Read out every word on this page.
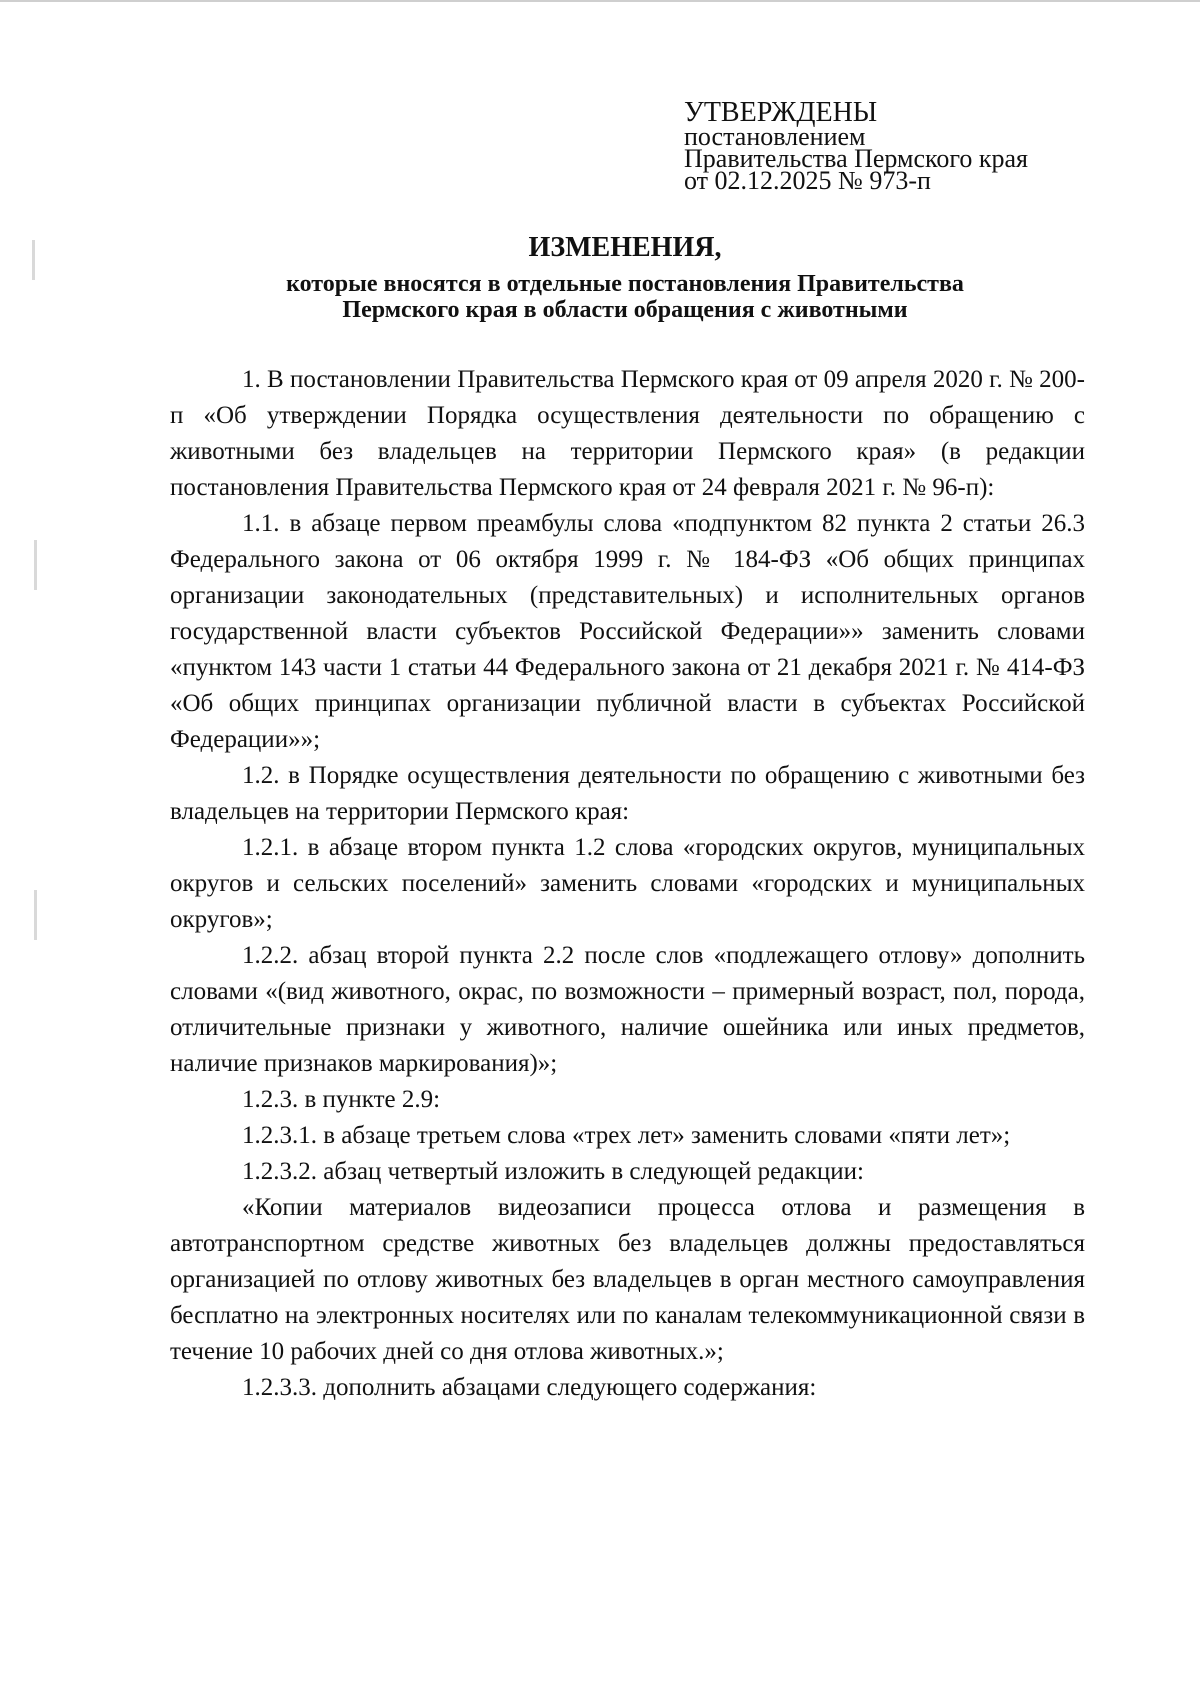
УТВЕРЖДЕНЫ
постановлением
Правительства Пермского края
от 02.12.2025 № 973-п
ИЗМЕНЕНИЯ,
которые вносятся в отдельные постановления Правительства
Пермского края в области обращения с животными

1. В постановлении Правительства Пермского края от 09 апреля 2020 г. № 200-п «Об утверждении Порядка осуществления деятельности по обращению с животными без владельцев на территории Пермского края» (в редакции постановления Правительства Пермского края от 24 февраля 2021 г. № 96-п):

1.1. в абзаце первом преамбулы слова «подпунктом 82 пункта 2 статьи 26.3 Федерального закона от 06 октября 1999 г. № 184-ФЗ «Об общих принципах организации законодательных (представительных) и исполнительных органов государственной власти субъектов Российской Федерации»» заменить словами «пунктом 143 части 1 статьи 44 Федерального закона от 21 декабря 2021 г. № 414-ФЗ «Об общих принципах организации публичной власти в субъектах Российской Федерации»»;

1.2. в Порядке осуществления деятельности по обращению с животными без владельцев на территории Пермского края:

1.2.1. в абзаце втором пункта 1.2 слова «городских округов, муниципальных округов и сельских поселений» заменить словами «городских и муниципальных округов»;

1.2.2. абзац второй пункта 2.2 после слов «подлежащего отлову» дополнить словами «(вид животного, окрас, по возможности – примерный возраст, пол, порода, отличительные признаки у животного, наличие ошейника или иных предметов, наличие признаков маркирования)»;

1.2.3. в пункте 2.9:

1.2.3.1. в абзаце третьем слова «трех лет» заменить словами «пяти лет»;

1.2.3.2. абзац четвертый изложить в следующей редакции:

«Копии материалов видеозаписи процесса отлова и размещения в автотранспортном средстве животных без владельцев должны предоставляться организацией по отлову животных без владельцев в орган местного самоуправления бесплатно на электронных носителях или по каналам телекоммуникационной связи в течение 10 рабочих дней со дня отлова животных.»;

1.2.3.3. дополнить абзацами следующего содержания:
